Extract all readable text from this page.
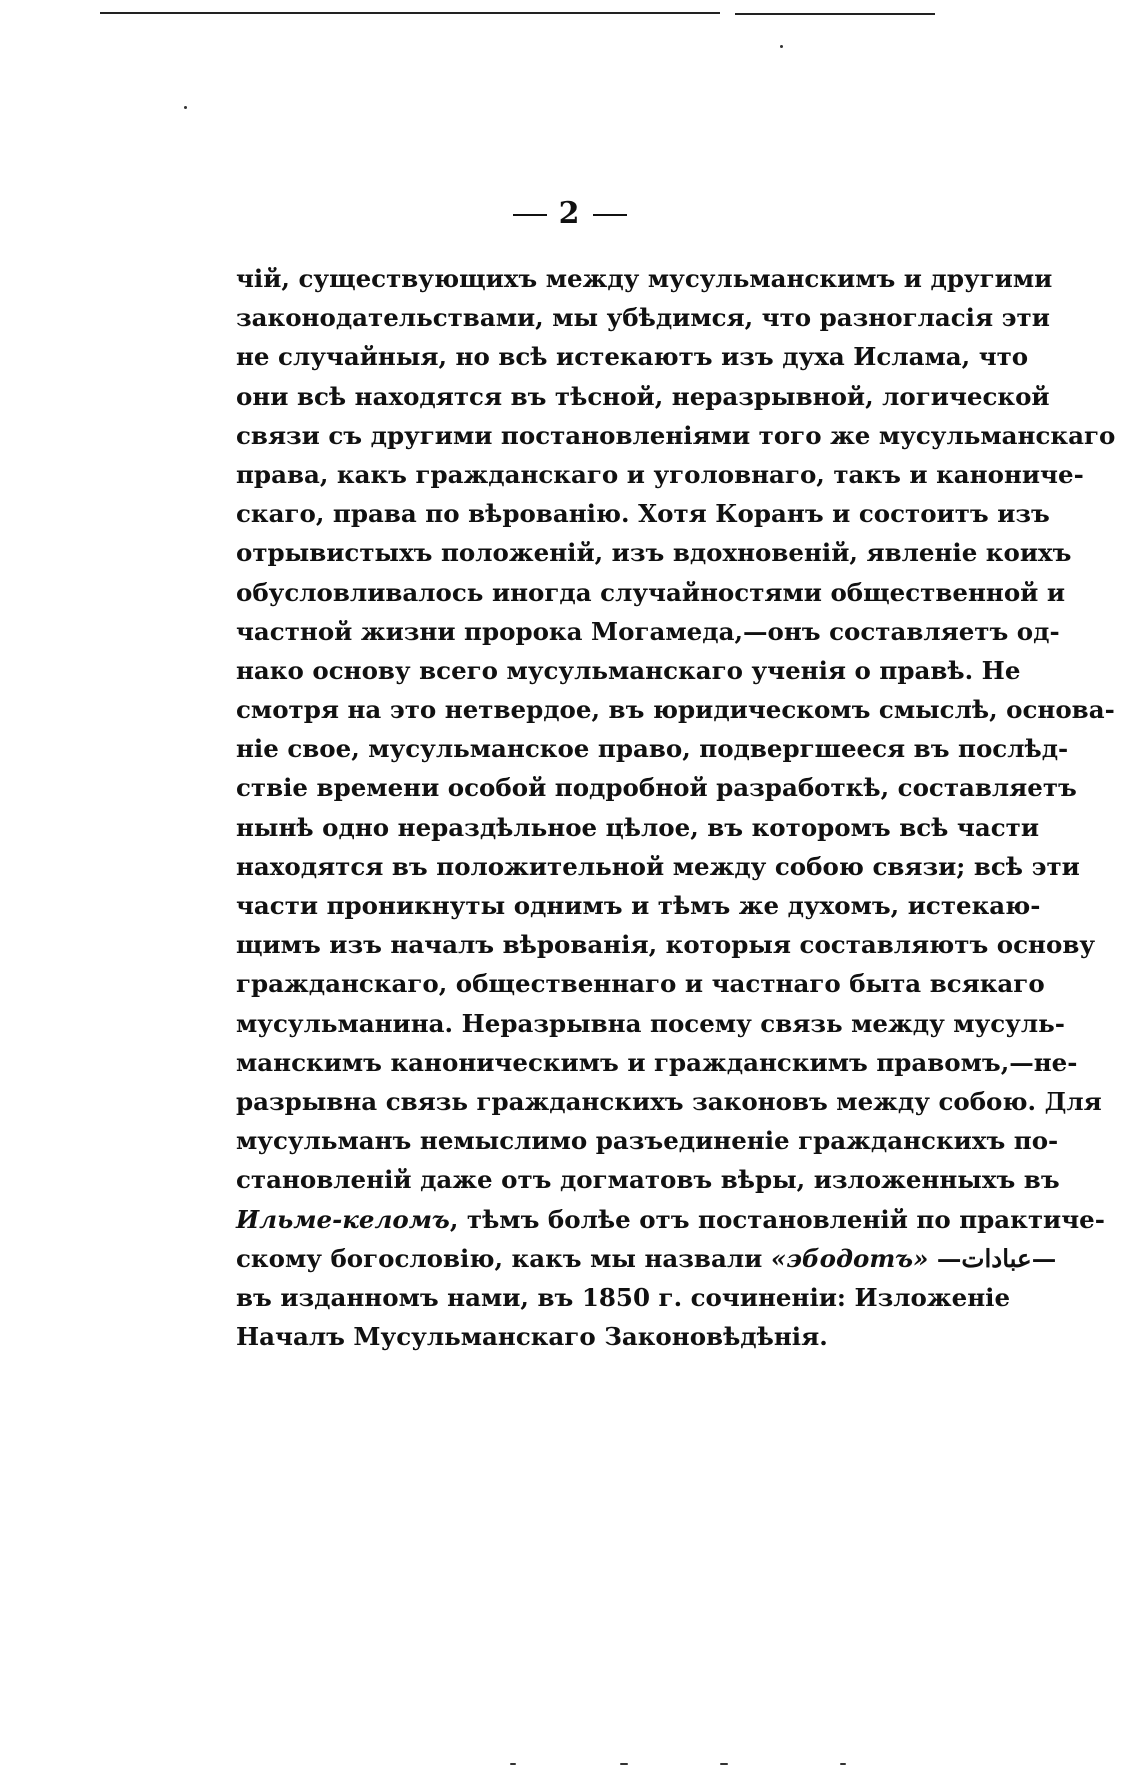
2
чій, существующихъ между мусульманскимъ и другими
законодательствами, мы убѣдимся, что разногласія эти
не случайныя, но всѣ истекаютъ изъ духа Ислама, что
они всѣ находятся въ тѣсной, неразрывной, логической
связи съ другими постановленіями того же мусульманскаго
права, какъ гражданскаго и уголовнаго, такъ и канониче-
скаго, права по вѣрованію. Хотя Коранъ и состоитъ изъ
отрывистыхъ положеній, изъ вдохновеній, явленіе коихъ
обусловливалось иногда случайностями общественной и
частной жизни пророка Могамеда,—онъ составляетъ од-
нако основу всего мусульманскаго ученія о правѣ. Не
смотря на это нетвердое, въ юридическомъ смыслѣ, основа-
ніе свое, мусульманское право, подвергшееся въ послѣд-
ствіе времени особой подробной разработкѣ, составляетъ
нынѣ одно нераздѣльное цѣлое, въ которомъ всѣ части
находятся въ положительной между собою связи; всѣ эти
части проникнуты однимъ и тѣмъ же духомъ, истекаю-
щимъ изъ началъ вѣрованія, которыя составляютъ основу
гражданскаго, общественнаго и частнаго быта всякаго
мусульманина. Неразрывна посему связь между мусуль-
манскимъ каноническимъ и гражданскимъ правомъ,—не-
разрывна связь гражданскихъ законовъ между собою. Для
мусульманъ немыслимо разъединеніе гражданскихъ по-
становленій даже отъ догматовъ вѣры, изложенныхъ въ
Ильме-келомъ, тѣмъ болѣе отъ постановленій по практиче-
скому богословію, какъ мы назвали «эбодотъ» —عبادات—
въ изданномъ нами, въ 1850 г. сочиненіи: Изложеніе
Началъ Мусульманскаго Законовѣдѣнія.
